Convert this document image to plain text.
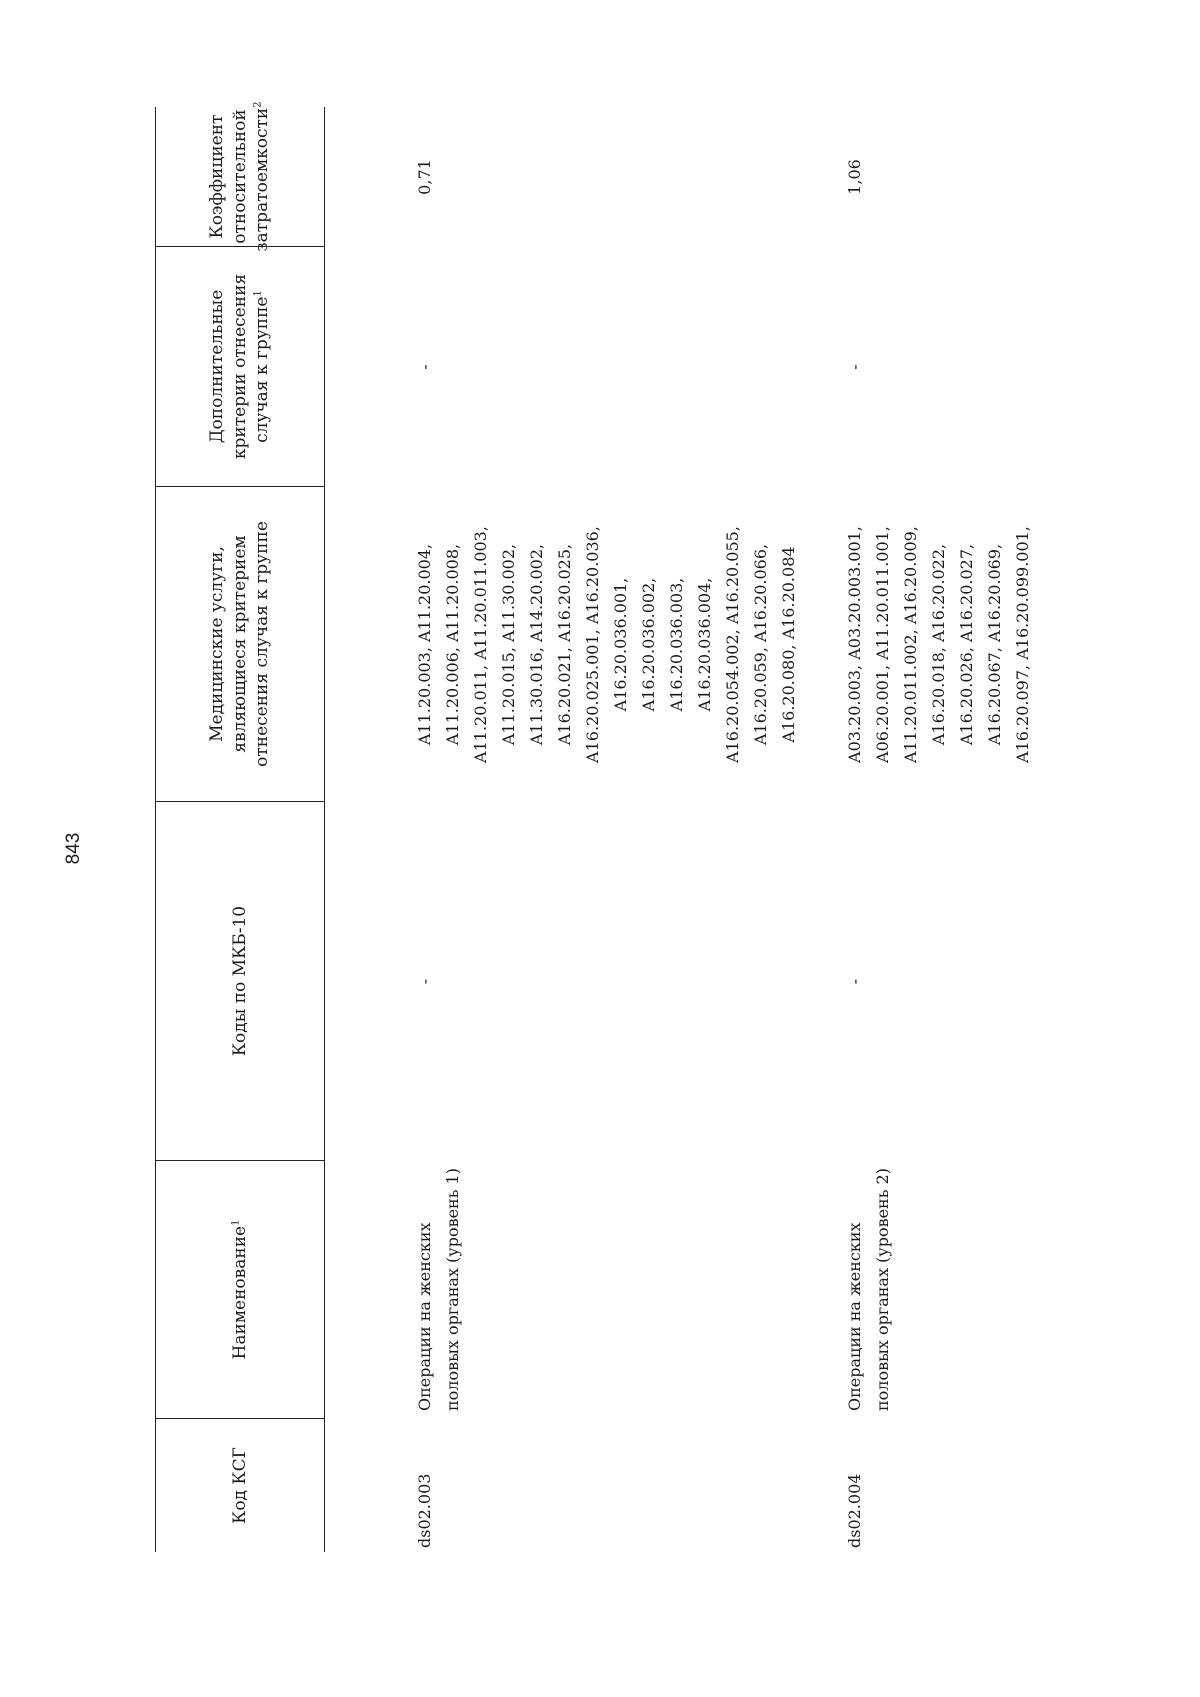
843
Код КСГ
Наименование$^1$
Коды по МКБ-10
Медицинские услуги, являющиеся критерием отнесения случая к группе
Дополнительные критерии отнесения случая к группе$^1$
Коэффициент относительной затратоемкости$^2$
ds02.003
Операции на женских половых органах (уровень 1)
-
A11.20.003, A11.20.004, A11.20.006, A11.20.008, A11.20.011, A11.20.011.003, A11.20.015, A11.30.002, A11.30.016, A14.20.002, A16.20.021, A16.20.025, A16.20.025.001, A16.20.036, A16.20.036.001, A16.20.036.002, A16.20.036.003, A16.20.036.004, A16.20.054.002, A16.20.055, A16.20.059, A16.20.066, A16.20.080, A16.20.084
-
0,71
ds02.004
Операции на женских половых органах (уровень 2)
-
A03.20.003, A03.20.003.001, A06.20.001, A11.20.011.001, A11.20.011.002, A16.20.009, A16.20.018, A16.20.022, A16.20.026, A16.20.027, A16.20.067, A16.20.069, A16.20.097, A16.20.099.001,
-
1,06
